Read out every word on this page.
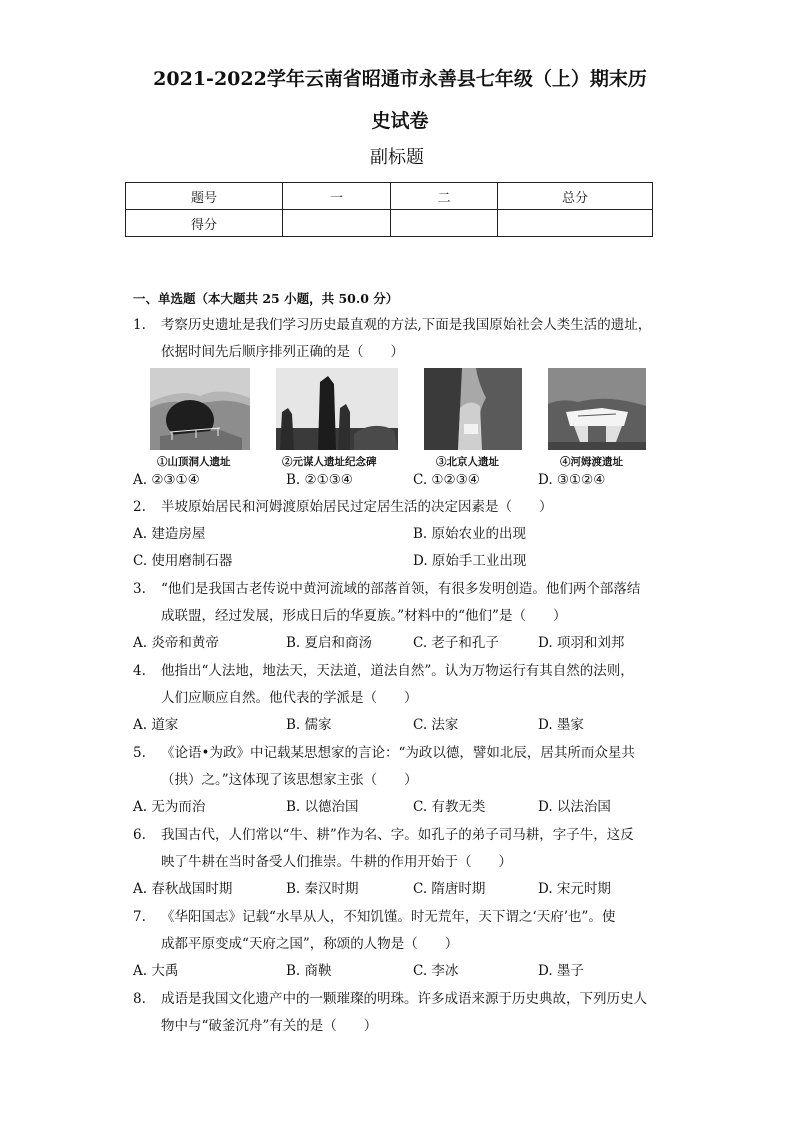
2021-2022学年云南省昭通市永善县七年级（上）期末历
史试卷
副标题
题号	一	二	总分
得分			
一、单选题（本大题共 25 小题，共 50.0 分）
1.	考察历史遗址是我们学习历史最直观的方法,下面是我国原始社会人类生活的遗址，
依据时间先后顺序排列正确的是（　　）
①山顶洞人遗址	②元谋人遗址纪念碑	③北京人遗址	④河姆渡遗址
A. ②③①④	B. ②①③④	C. ①②③④	D. ③①②④
2.	半坡原始居民和河姆渡原始居民过定居生活的决定因素是（　　）
A. 建造房屋	B. 原始农业的出现
C. 使用磨制石器	D. 原始手工业出现
3.	“他们是我国古老传说中黄河流域的部落首领，有很多发明创造。他们两个部落结
成联盟，经过发展，形成日后的华夏族。”材料中的“他们”是（　　）
A. 炎帝和黄帝	B. 夏启和商汤	C. 老子和孔子	D. 项羽和刘邦
4.	他指出“人法地，地法天，天法道，道法自然”。认为万物运行有其自然的法则，
人们应顺应自然。他代表的学派是（　　）
A. 道家	B. 儒家	C. 法家	D. 墨家
5.	《论语•为政》中记载某思想家的言论：“为政以德，譬如北辰，居其所而众星共
（拱）之。”这体现了该思想家主张（　　）
A. 无为而治	B. 以德治国	C. 有教无类	D. 以法治国
6.	我国古代，人们常以“牛、耕”作为名、字。如孔子的弟子司马耕，字子牛，这反
映了牛耕在当时备受人们推崇。牛耕的作用开始于（　　）
A. 春秋战国时期	B. 秦汉时期	C. 隋唐时期	D. 宋元时期
7.	《华阳国志》记载“水旱从人，不知饥馑。时无荒年，天下谓之‘天府’也”。使
成都平原变成“天府之国”，称颂的人物是（　　）
A. 大禹	B. 商鞅	C. 李冰	D. 墨子
8.	成语是我国文化遗产中的一颗璀璨的明珠。许多成语来源于历史典故，下列历史人
物中与“破釜沉舟”有关的是（　　）
